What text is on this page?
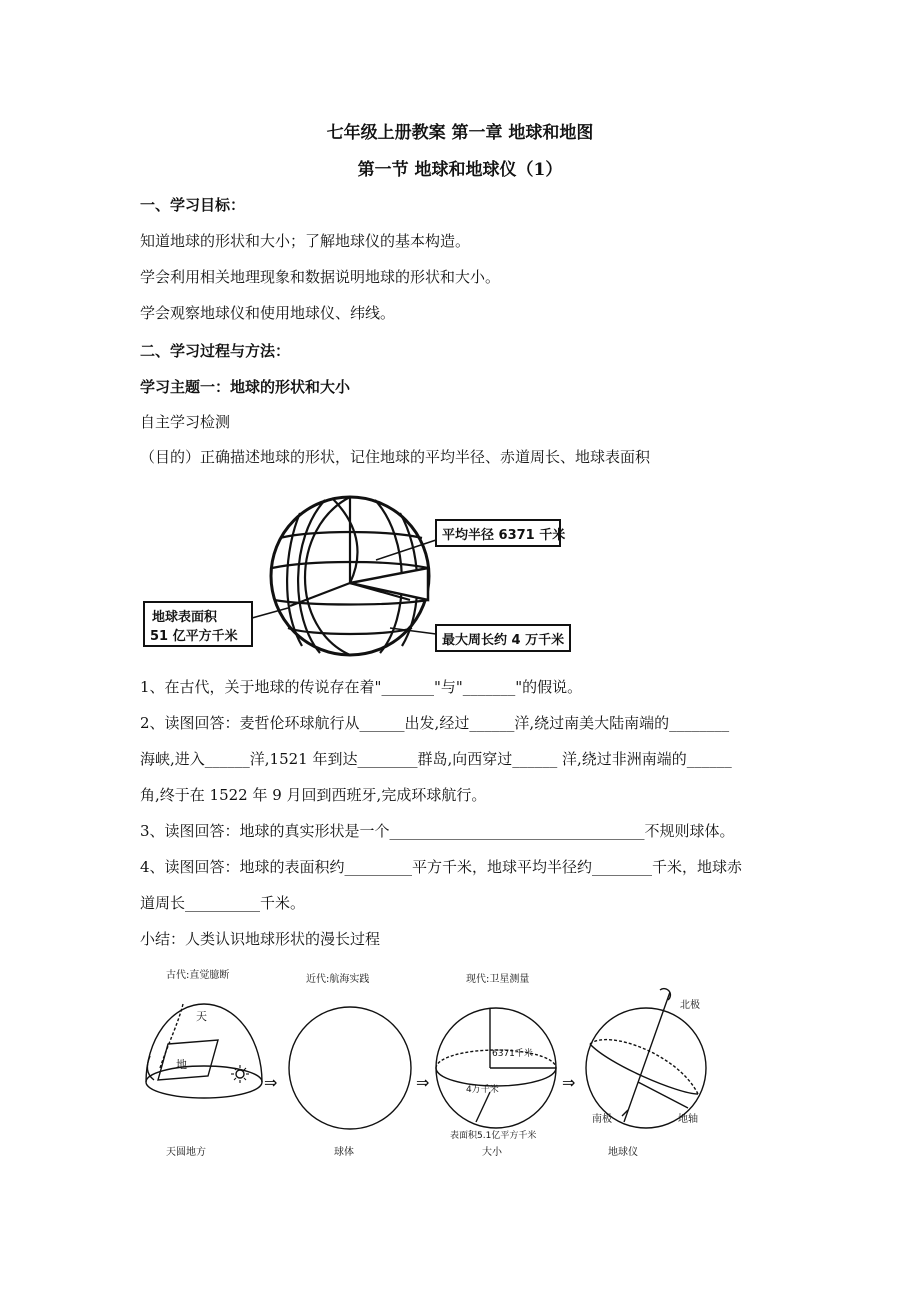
七年级上册教案 第一章 地球和地图
第一节 地球和地球仪（1）
一、学习目标：
知道地球的形状和大小；了解地球仪的基本构造。
学会利用相关地理现象和数据说明地球的形状和大小。
学会观察地球仪和使用地球仪、纬线。
二、学习过程与方法：
学习主题一：地球的形状和大小
自主学习检测
（目的）正确描述地球的形状，记住地球的平均半径、赤道周长、地球表面积
平均半径 6371 千米
地球表面积
51 亿平方千米	最大周长约 4 万千米
1、在古代，关于地球的传说存在着"_______"与"_______"的假说。
2、读图回答：麦哲伦环球航行从______出发,经过______洋,绕过南美大陆南端的________
海峡,进入______洋,1521 年到达________群岛,向西穿过______ 洋,绕过非洲南端的______
角,终于在 1522 年 9 月回到西班牙,完成环球航行。
3、读图回答：地球的真实形状是一个__________________________________不规则球体。
4、读图回答：地球的表面积约_________平方千米，地球平均半径约________千米，地球赤
道周长__________千米。
小结：人类认识地球形状的漫长过程
古代:直觉臆断	近代:航海实践	现代:卫星测量
天圆地方	球体	大小	地球仪
天
地
⇒	⇒
6371千米
4万千米
表面积5.1亿平方千米
⇒
北极
南极	地轴
